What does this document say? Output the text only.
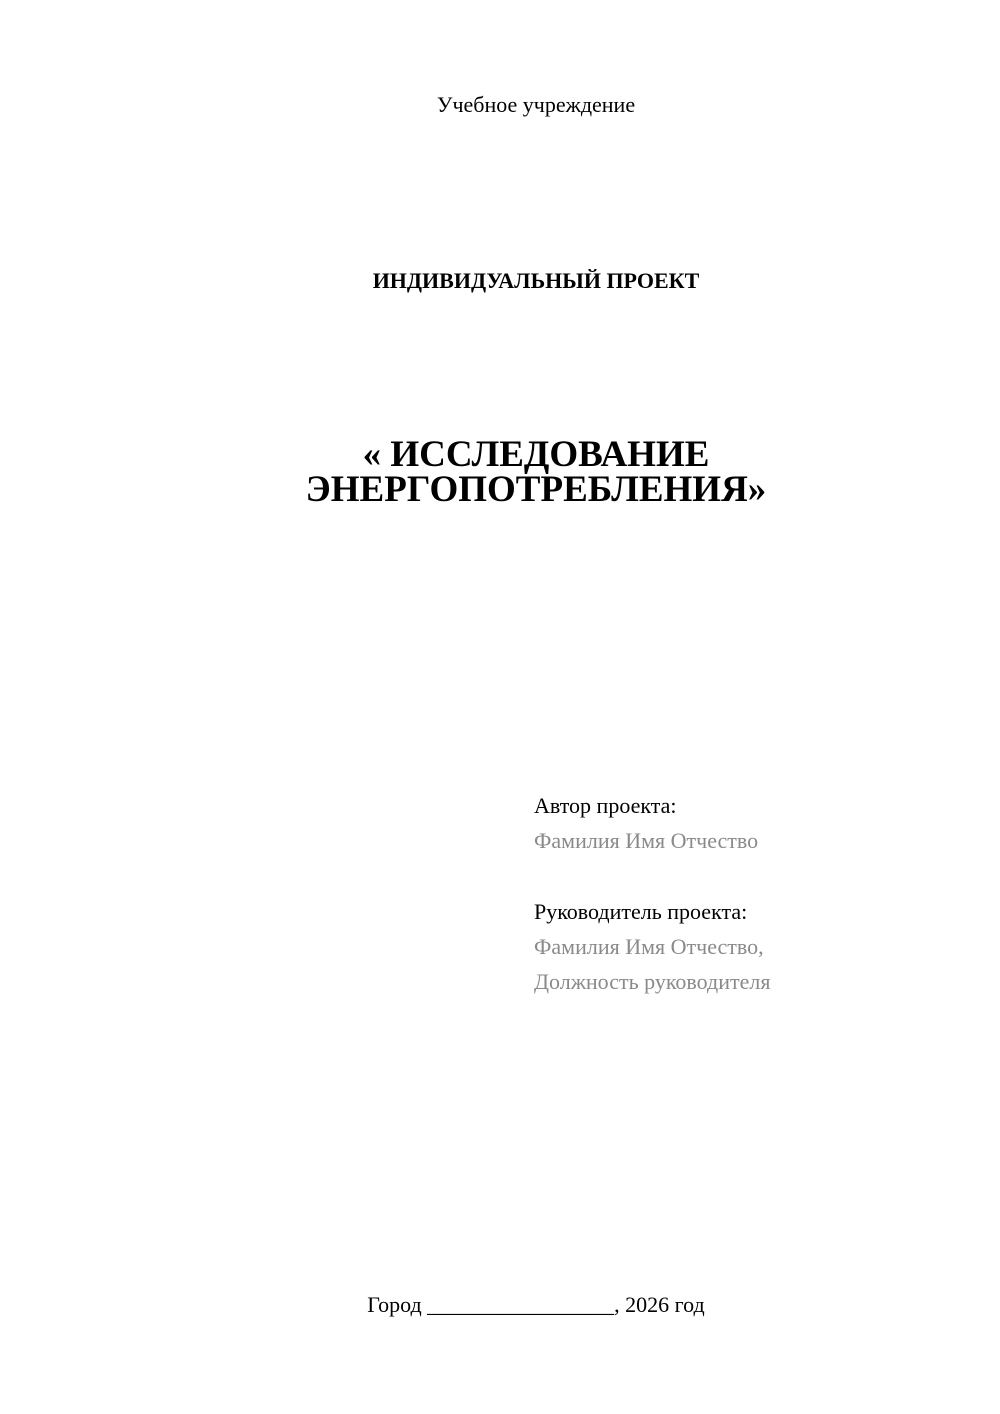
Учебное учреждение
ИНДИВИДУАЛЬНЫЙ ПРОЕКТ
« ИССЛЕДОВАНИЕ
ЭНЕРГОПОТРЕБЛЕНИЯ»
Автор проекта:
Фамилия Имя Отчество
Руководитель проекта:
Фамилия Имя Отчество,
Должность руководителя
Город _________________, 2026 год
